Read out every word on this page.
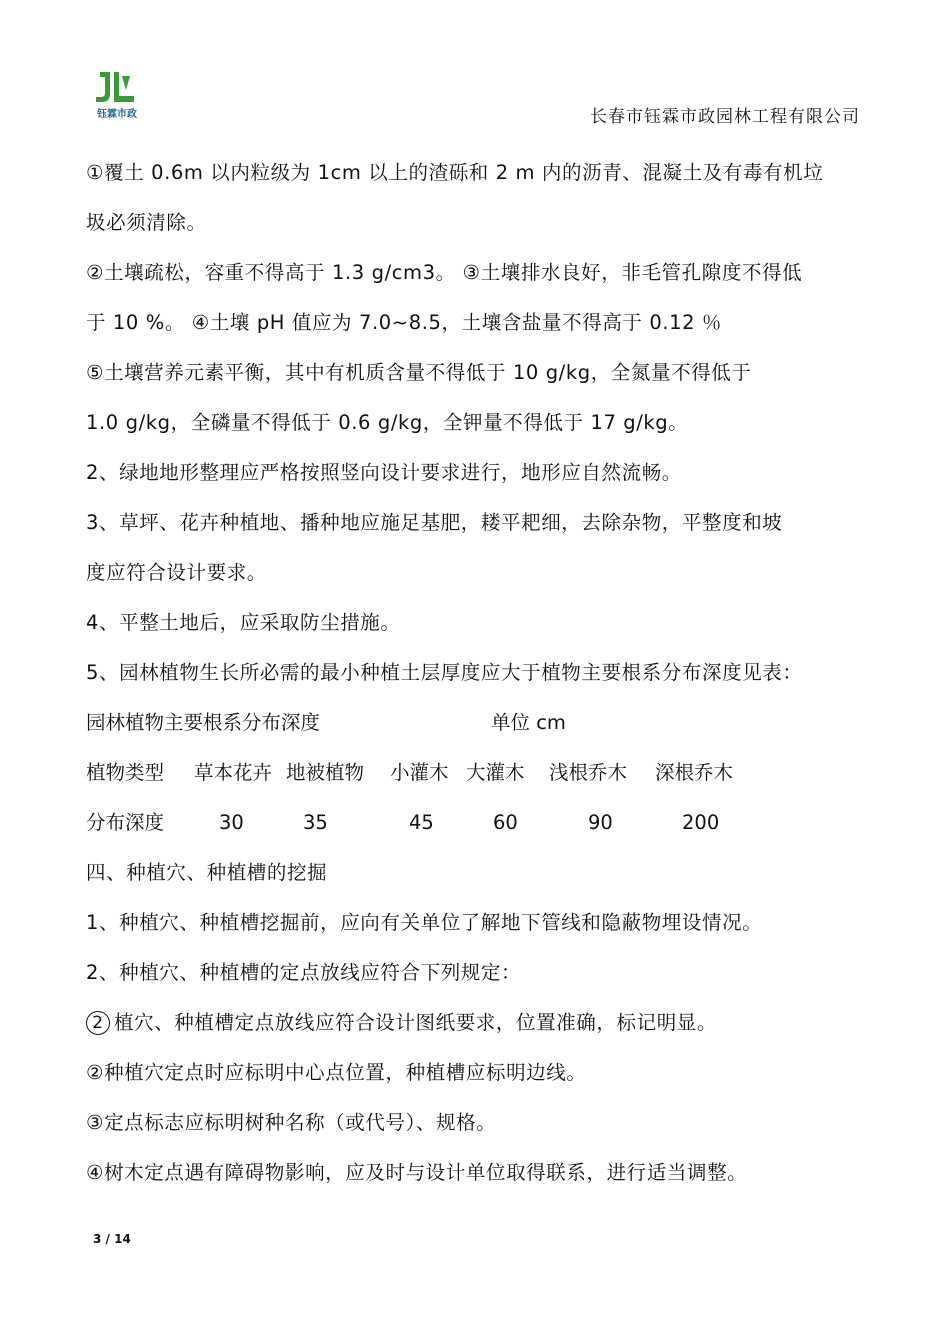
钰霖市政	长春市钰霖市政园林工程有限公司
①覆土 0.6m 以内粒级为 1cm 以上的渣砾和 2 m 内的沥青、混凝土及有毒有机垃
圾必须清除。
②土壤疏松，容重不得高于 1.3 g/cm3。 ③土壤排水良好，非毛管孔隙度不得低
于 10 %。 ④土壤 pH 值应为 7.0~8.5，土壤含盐量不得高于 0.12 ％
⑤土壤营养元素平衡，其中有机质含量不得低于 10 g/kg，全氮量不得低于
1.0 g/kg，全磷量不得低于 0.6 g/kg，全钾量不得低于 17 g/kg。
2、绿地地形整理应严格按照竖向设计要求进行，地形应自然流畅。
3、草坪、花卉种植地、播种地应施足基肥，耧平耙细，去除杂物，平整度和坡
度应符合设计要求。
4、平整土地后，应采取防尘措施。
5、园林植物生长所必需的最小种植土层厚度应大于植物主要根系分布深度见表：
园林植物主要根系分布深度	单位 cm
植物类型 草本花卉 地被植物 小灌木 大灌木 浅根乔木 深根乔木
分布深度	30	35	45	60	90	200
四、种植穴、种植槽的挖掘
1、种植穴、种植槽挖掘前，应向有关单位了解地下管线和隐蔽物埋设情况。
2、种植穴、种植槽的定点放线应符合下列规定：
2 植穴、种植槽定点放线应符合设计图纸要求，位置准确，标记明显。
②种植穴定点时应标明中心点位置，种植槽应标明边线。
③定点标志应标明树种名称（或代号）、规格。
④树木定点遇有障碍物影响，应及时与设计单位取得联系，进行适当调整。
3 / 14
